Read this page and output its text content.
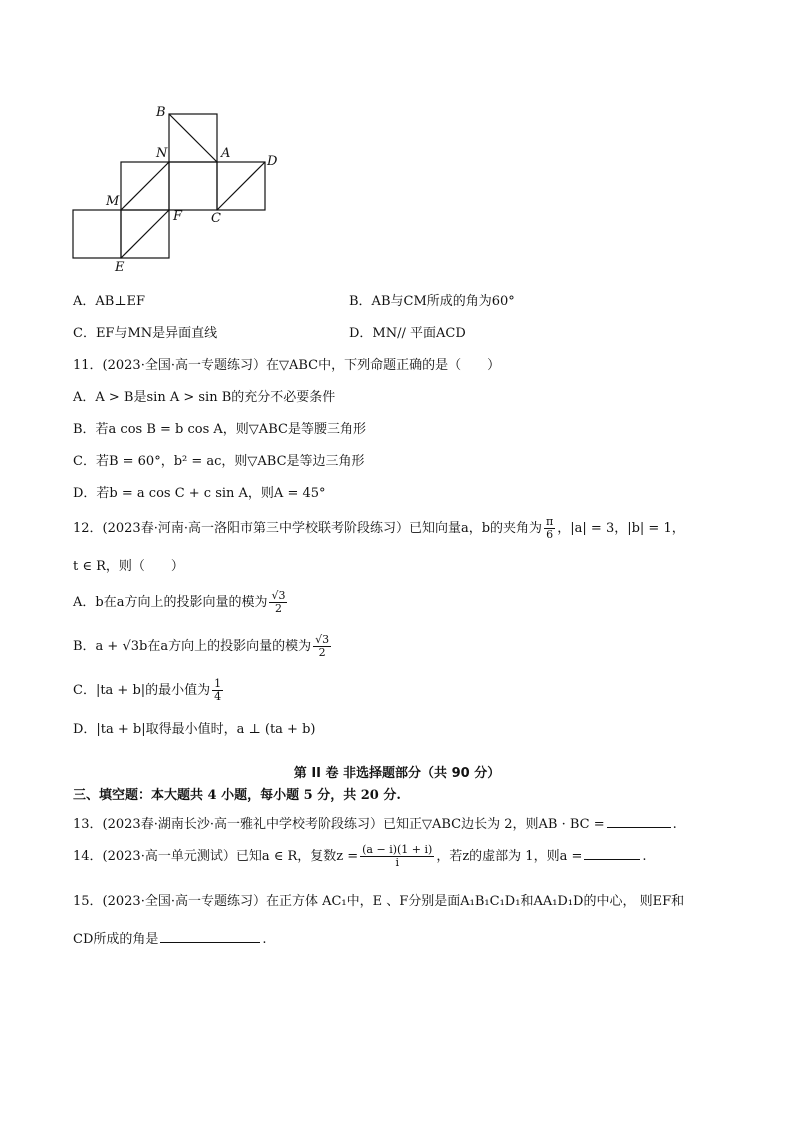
B
N	A
D
M
F C
E
A．AB⊥EF	B．AB与CM所成的角为60°
C．EF与MN是异面直线	D．MN// 平面ACD
11．(2023·全国·高一专题练习）在▽ABC中，下列命题正确的是（　　）
A．A > B是sin A > sin B的充分不必要条件
B．若a cos B = b cos A，则▽ABC是等腰三角形
C．若B = 60°，b² = ac，则▽ABC是等边三角形
D．若b = a cos C + c sin A，则A = 45°
12．(2023春·河南·高一洛阳市第三中学校联考阶段练习）已知向量a，b的夹角为 $\frac{\pi}{6}$ ，|a| = 3，|b| = 1，
t ∈ R，则（　　）
A．b在a方向上的投影向量的模为 $\frac{√3}{2}$
B．a + √3b在a方向上的投影向量的模为 $\frac{√3}{2}$
C．|ta + b|的最小值为 $\frac{1}{4}$
D．|ta + b|取得最小值时，a ⊥ (ta + b)
第 II 卷 非选择题部分（共 90 分）
三、填空题：本大题共 4 小题，每小题 5 分，共 20 分.
13．(2023春·湖南长沙·高一雅礼中学校考阶段练习）已知正▽ABC边长为 2，则AB · BC =	.
14．(2023·高一单元测试）已知a ∈ R，复数$z = \frac{(a - i)(1 + i)}{i}$ ，若z的虚部为 1，则a =	.
15．(2023·全国·高一专题练习）在正方体 AC₁中，E 、F分别是面A₁B₁C₁D₁和AA₁D₁D的中心， 则EF和
CD所成的角是	.
